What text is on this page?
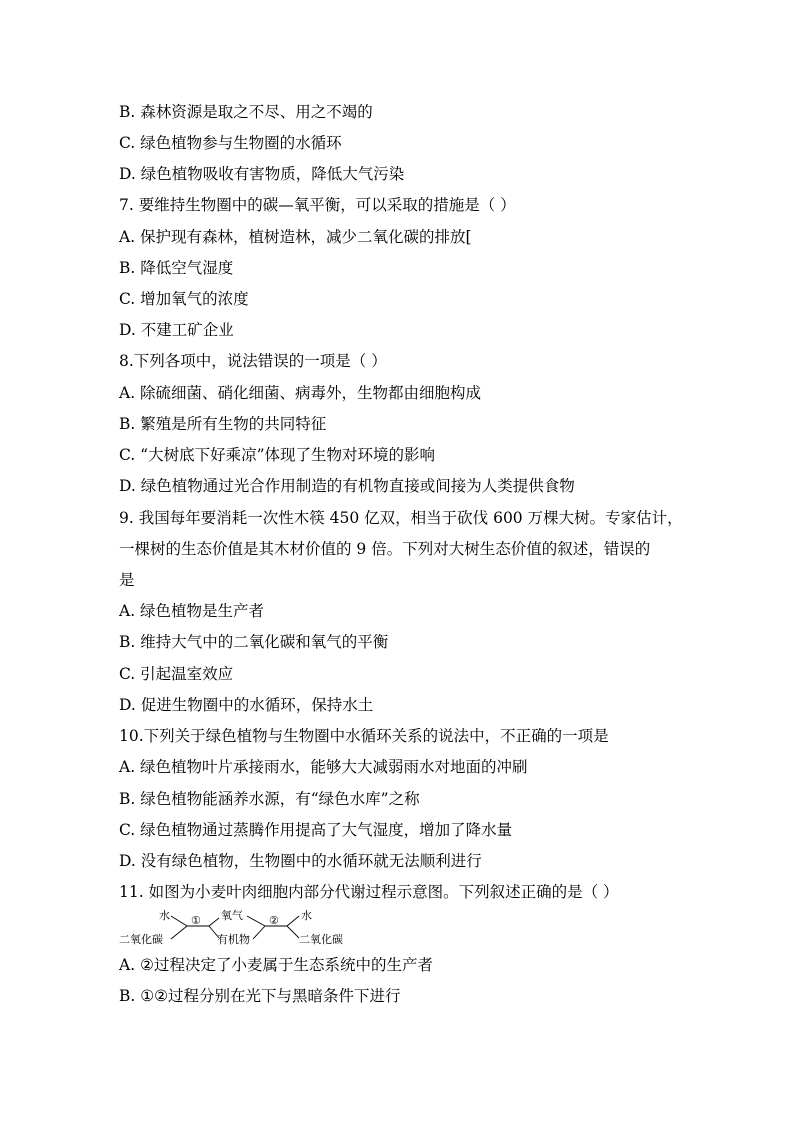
B. 森林资源是取之不尽、用之不竭的
C. 绿色植物参与生物圈的水循环
D. 绿色植物吸收有害物质，降低大气污染
7. 要维持生物圈中的碳—氧平衡，可以采取的措施是（ ）
A. 保护现有森林，植树造林，减少二氧化碳的排放[
B. 降低空气湿度
C. 增加氧气的浓度
D. 不建工矿企业
8.下列各项中，说法错误的一项是（ ）
A. 除硫细菌、硝化细菌、病毒外，生物都由细胞构成
B. 繁殖是所有生物的共同特征
C. “大树底下好乘凉”体现了生物对环境的影响
D. 绿色植物通过光合作用制造的有机物直接或间接为人类提供食物
9. 我国每年要消耗一次性木筷 450 亿双，相当于砍伐 600 万棵大树。专家估计，
一棵树的生态价值是其木材价值的 9 倍。下列对大树生态价值的叙述，错误的
是
A. 绿色植物是生产者
B. 维持大气中的二氧化碳和氧气的平衡
C. 引起温室效应
D. 促进生物圈中的水循环，保持水土
10.下列关于绿色植物与生物圈中水循环关系的说法中，不正确的一项是
A. 绿色植物叶片承接雨水，能够大大减弱雨水对地面的冲刷
B. 绿色植物能涵养水源，有“绿色水库”之称
C. 绿色植物通过蒸腾作用提高了大气湿度，增加了降水量
D. 没有绿色植物，生物圈中的水循环就无法顺利进行
11. 如图为小麦叶肉细胞内部分代谢过程示意图。下列叙述正确的是（ ）
水
二氧化碳
① 氧气
有机物
② 水
二氧化碳
A. ②过程决定了小麦属于生态系统中的生产者
B. ①②过程分别在光下与黑暗条件下进行
